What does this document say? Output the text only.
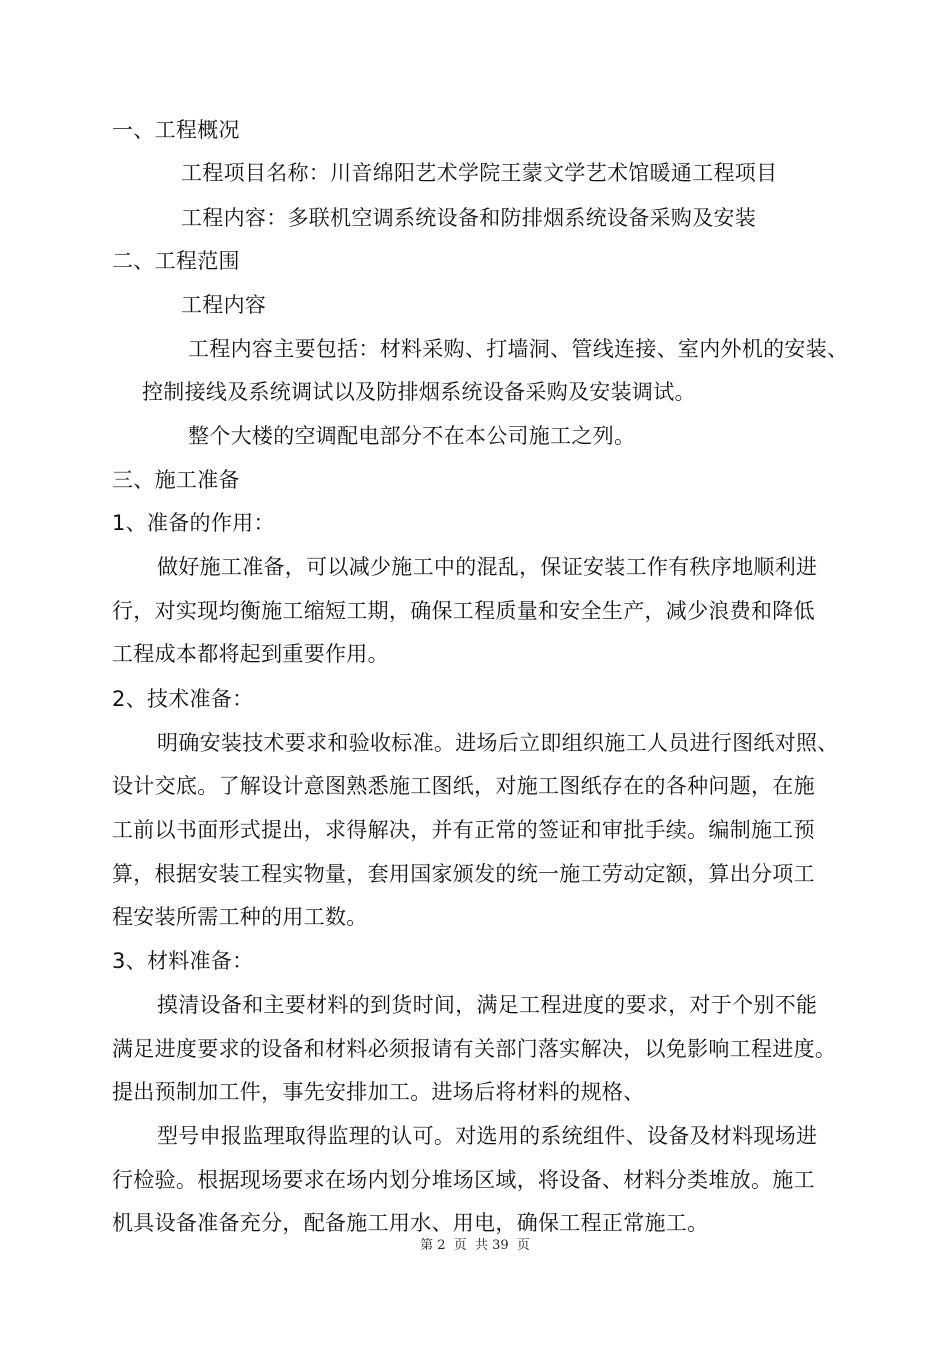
一、工程概况
工程项目名称：川音绵阳艺术学院王蒙文学艺术馆暖通工程项目
工程内容：多联机空调系统设备和防排烟系统设备采购及安装
二、工程范围
工程内容
工程内容主要包括：材料采购、打墙洞、管线连接、室内外机的安装、
控制接线及系统调试以及防排烟系统设备采购及安装调试。
整个大楼的空调配电部分不在本公司施工之列。
三、施工准备
1、准备的作用：
做好施工准备，可以减少施工中的混乱，保证安装工作有秩序地顺利进
行，对实现均衡施工缩短工期，确保工程质量和安全生产，减少浪费和降低
工程成本都将起到重要作用。
2、技术准备：
明确安装技术要求和验收标准。进场后立即组织施工人员进行图纸对照、
设计交底。了解设计意图熟悉施工图纸，对施工图纸存在的各种问题，在施
工前以书面形式提出，求得解决，并有正常的签证和审批手续。编制施工预
算，根据安装工程实物量，套用国家颁发的统一施工劳动定额，算出分项工
程安装所需工种的用工数。
3、材料准备：
摸清设备和主要材料的到货时间，满足工程进度的要求，对于个别不能
满足进度要求的设备和材料必须报请有关部门落实解决，以免影响工程进度。
提出预制加工件，事先安排加工。进场后将材料的规格、
型号申报监理取得监理的认可。对选用的系统组件、设备及材料现场进
行检验。根据现场要求在场内划分堆场区域，将设备、材料分类堆放。施工
机具设备准备充分，配备施工用水、用电，确保工程正常施工。
第 2  页  共 39  页
